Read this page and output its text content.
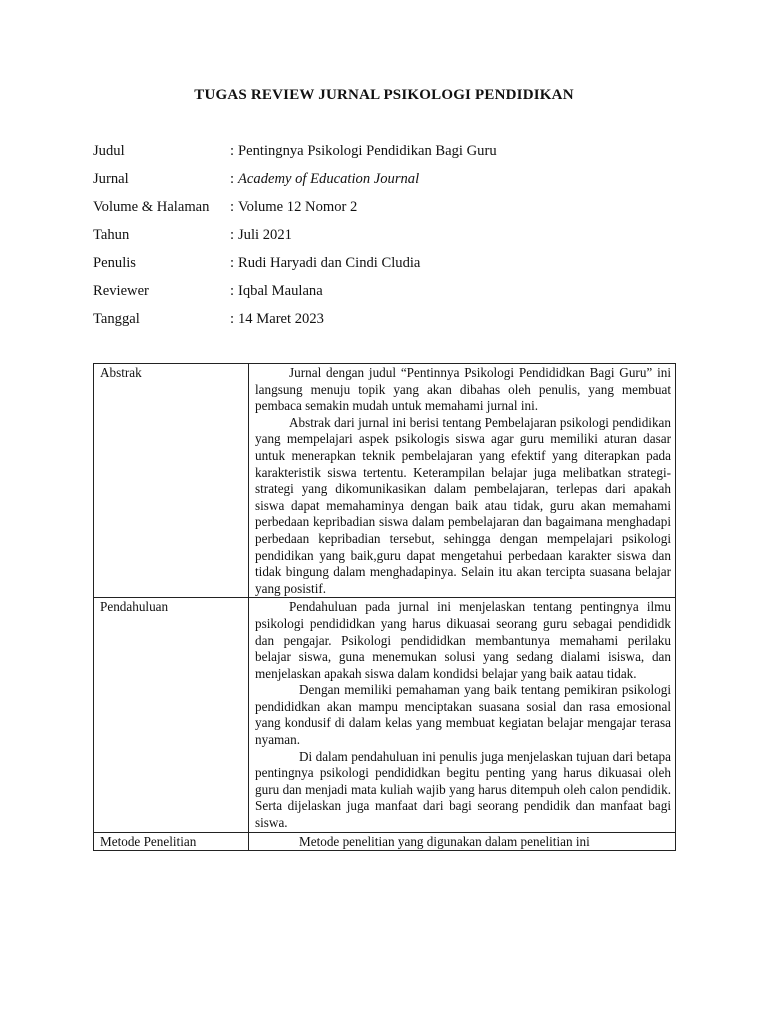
TUGAS REVIEW JURNAL PSIKOLOGI PENDIDIKAN
Judul	: Pentingnya Psikologi Pendidikan Bagi Guru
Jurnal	: Academy of Education Journal
Volume & Halaman	: Volume 12 Nomor 2
Tahun	: Juli 2021
Penulis	: Rudi Haryadi dan Cindi Cludia
Reviewer	: Iqbal Maulana
Tanggal	: 14 Maret 2023
Abstrak	Jurnal dengan judul “Pentinnya Psikologi Pendididkan Bagi Guru” ini langsung menuju topik yang akan dibahas oleh penulis, yang membuat pembaca semakin mudah untuk memahami jurnal ini.

Abstrak dari jurnal ini berisi tentang Pembelajaran psikologi pendidikan yang mempelajari aspek psikologis siswa agar guru memiliki aturan dasar untuk menerapkan teknik pembelajaran yang efektif yang diterapkan pada karakteristik siswa tertentu. Keterampilan belajar juga melibatkan strategi-strategi yang dikomunikasikan dalam pembelajaran, terlepas dari apakah siswa dapat memahaminya dengan baik atau tidak, guru akan memahami perbedaan kepribadian siswa dalam pembelajaran dan bagaimana menghadapi perbedaan kepribadian tersebut, sehingga dengan mempelajari psikologi pendidikan yang baik,guru dapat mengetahui perbedaan karakter siswa dan tidak bingung dalam menghadapinya. Selain itu akan tercipta suasana belajar yang posistif.

Pendahuluan	Pendahuluan pada jurnal ini menjelaskan tentang pentingnya ilmu psikologi pendididkan yang harus dikuasai seorang guru sebagai pendididk dan pengajar. Psikologi pendididkan membantunya memahami perilaku belajar siswa, guna menemukan solusi yang sedang dialami isiswa, dan menjelaskan apakah siswa dalam kondidsi belajar yang baik aatau tidak.

Dengan memiliki pemahaman yang baik tentang pemikiran psikologi pendididkan akan mampu menciptakan suasana sosial dan rasa emosional yang kondusif di dalam kelas yang membuat kegiatan belajar mengajar terasa nyaman.

Di dalam pendahuluan ini penulis juga menjelaskan tujuan dari betapa pentingnya psikologi pendididkan begitu penting yang harus dikuasai oleh guru dan menjadi mata kuliah wajib yang harus ditempuh oleh calon pendidik. Serta dijelaskan juga manfaat dari bagi seorang pendidik dan manfaat bagi siswa.

Metode Penelitian	Metode penelitian yang digunakan dalam penelitian ini
